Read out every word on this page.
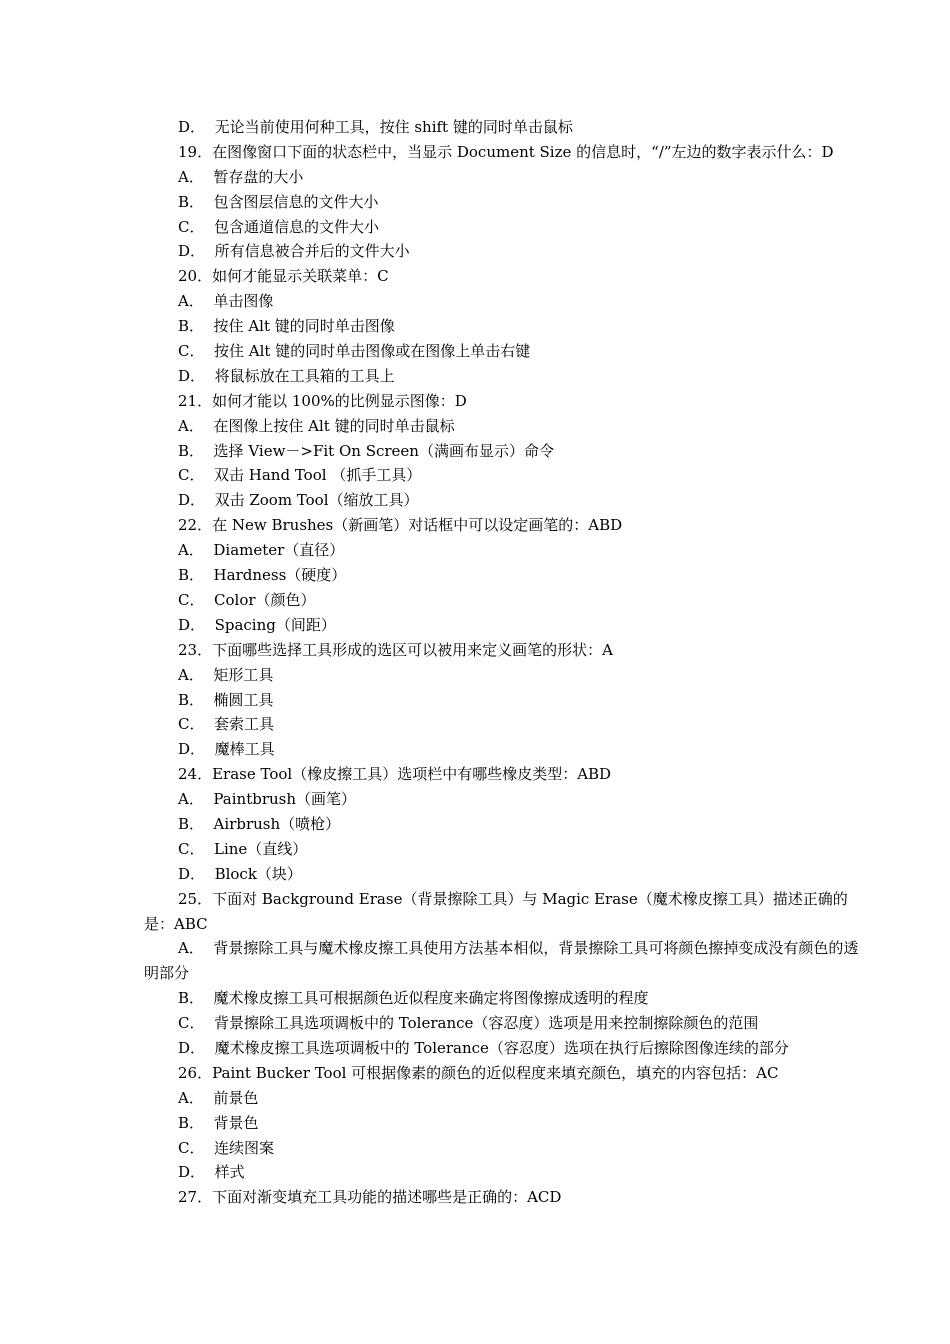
D．  无论当前使用何种工具，按住 shift 键的同时单击鼠标
19．在图像窗口下面的状态栏中，当显示 Document Size 的信息时，“/”左边的数字表示什么：D
A．  暂存盘的大小
B．  包含图层信息的文件大小
C．  包含通道信息的文件大小
D．  所有信息被合并后的文件大小
20．如何才能显示关联菜单：C
A．  单击图像
B．  按住 Alt 键的同时单击图像
C．  按住 Alt 键的同时单击图像或在图像上单击右键
D．  将鼠标放在工具箱的工具上
21．如何才能以 100%的比例显示图像：D
A．  在图像上按住 Alt 键的同时单击鼠标
B．  选择 View－>Fit On Screen（满画布显示）命令
C．  双击 Hand Tool （抓手工具）
D．  双击 Zoom Tool（缩放工具）
22．在 New Brushes（新画笔）对话框中可以设定画笔的：ABD
A．  Diameter（直径）
B．  Hardness（硬度）
C．  Color（颜色）
D．  Spacing（间距）
23．下面哪些选择工具形成的选区可以被用来定义画笔的形状：A
A．  矩形工具
B．  椭圆工具
C．  套索工具
D．  魔棒工具
24．Erase Tool（橡皮擦工具）选项栏中有哪些橡皮类型：ABD
A．  Paintbrush（画笔）
B．  Airbrush（喷枪）
C．  Line（直线）
D．  Block（块）
25．下面对 Background Erase（背景擦除工具）与 Magic Erase（魔术橡皮擦工具）描述正确的是：ABC
A．  背景擦除工具与魔术橡皮擦工具使用方法基本相似，背景擦除工具可将颜色擦掉变成没有颜色的透明部分
B．  魔术橡皮擦工具可根据颜色近似程度来确定将图像擦成透明的程度
C．  背景擦除工具选项调板中的 Tolerance（容忍度）选项是用来控制擦除颜色的范围
D．  魔术橡皮擦工具选项调板中的 Tolerance（容忍度）选项在执行后擦除图像连续的部分
26．Paint Bucker Tool 可根据像素的颜色的近似程度来填充颜色，填充的内容包括：AC
A．  前景色
B．  背景色
C．  连续图案
D．  样式
27．下面对渐变填充工具功能的描述哪些是正确的：ACD
